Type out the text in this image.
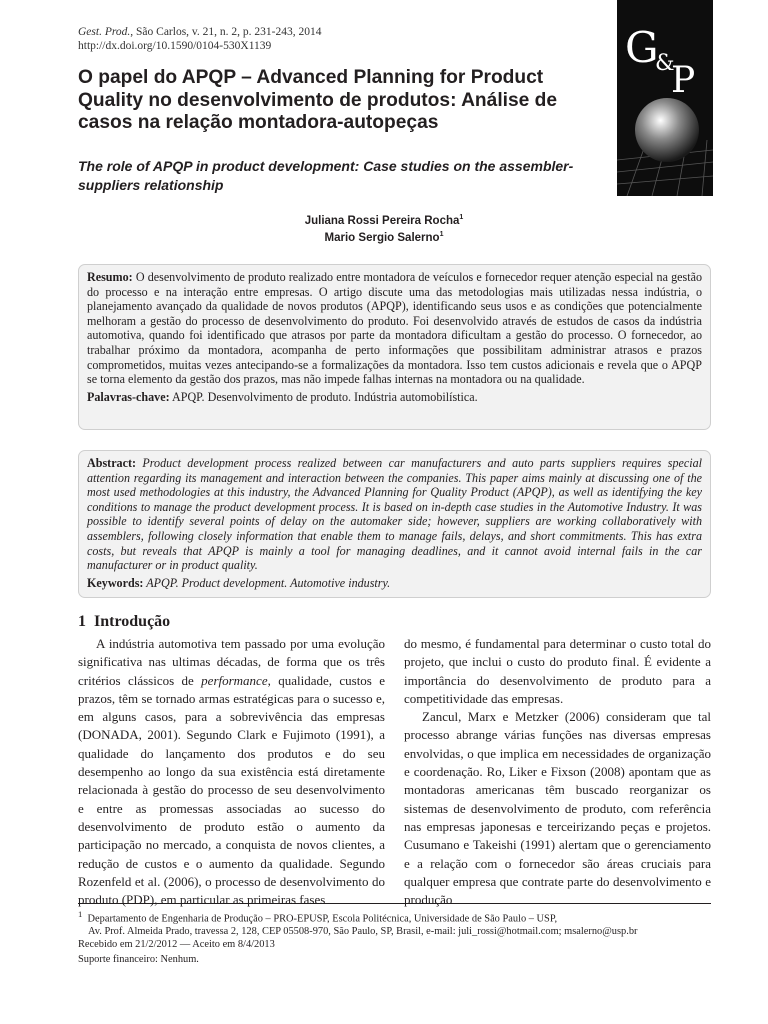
Gest. Prod., São Carlos, v. 21, n. 2, p. 231-243, 2014
http://dx.doi.org/10.1590/0104-530X1139	G
&
P
O papel do APQP – Advanced Planning for Product Quality no desenvolvimento de produtos: Análise de casos na relação montadora-autopeças
The role of APQP in product development: Case studies on the assembler-suppliers relationship
Juliana Rossi Pereira Rocha$^1$
Mario Sergio Salerno$^1$

Resumo: O desenvolvimento de produto realizado entre montadora de veículos e fornecedor requer atenção especial na gestão do processo e na interação entre empresas. O artigo discute uma das metodologias mais utilizadas nessa indústria, o planejamento avançado da qualidade de novos produtos (APQP), identificando seus usos e as condições que potencialmente melhoram a gestão do processo de desenvolvimento do produto. Foi desenvolvido através de estudos de casos da indústria automotiva, quando foi identificado que atrasos por parte da montadora dificultam a gestão do processo. O fornecedor, ao trabalhar próximo da montadora, acompanha de perto informações que possibilitam administrar atrasos e prazos comprometidos, muitas vezes antecipando-se a formalizações da montadora. Isso tem custos adicionais e revela que o APQP se torna elemento da gestão dos prazos, mas não impede falhas internas na montadora ou na qualidade.

Palavras-chave: APQP. Desenvolvimento de produto. Indústria automobilística.

Abstract: Product development process realized between car manufacturers and auto parts suppliers requires special attention regarding its management and interaction between the companies. This paper aims mainly at discussing one of the most used methodologies at this industry, the Advanced Planning for Quality Product (APQP), as well as identifying the key conditions to manage the product development process. It is based on in-depth case studies in the Automotive Industry. It was possible to identify several points of delay on the automaker side; however, suppliers are working collaboratively with assemblers, following closely information that enable them to manage fails, delays, and short commitments. This has extra costs, but reveals that APQP is mainly a tool for managing deadlines, and it cannot avoid internal fails in the car manufacturer or in product quality.

Keywords: APQP. Product development. Automotive industry.

1 Introdução

A indústria automotiva tem passado por uma evolução significativa nas ultimas décadas, de forma que os três critérios clássicos de performance, qualidade, custos e prazos, têm se tornado armas estratégicas para o sucesso e, em alguns casos, para a sobrevivência das empresas (DONADA, 2001). Segundo Clark e Fujimoto (1991), a qualidade do lançamento dos produtos e do seu desempenho ao longo da sua existência está diretamente relacionada à gestão do processo de seu desenvolvimento e entre as promessas associadas ao sucesso do desenvolvimento de produto estão o aumento da participação no mercado, a conquista de novos clientes, a redução de custos e o aumento da qualidade. Segundo Rozenfeld et al. (2006), o processo de desenvolvimento do produto (PDP), em particular as primeiras fases

do mesmo, é fundamental para determinar o custo total do projeto, que inclui o custo do produto final. É evidente a importância do desenvolvimento de produto para a competitividade das empresas.

Zancul, Marx e Metzker (2006) consideram que tal processo abrange várias funções nas diversas empresas envolvidas, o que implica em necessidades de organização e coordenação. Ro, Liker e Fixson (2008) apontam que as montadoras americanas têm buscado reorganizar os sistemas de desenvolvimento de produto, com referência nas empresas japonesas e terceirizando peças e projetos. Cusumano e Takeishi (1991) alertam que o gerenciamento e a relação com o fornecedor são áreas cruciais para qualquer empresa que contrate parte do desenvolvimento e produção

$^1$ Departamento de Engenharia de Produção – PRO-EPUSP, Escola Politécnica, Universidade de São Paulo – USP,
Av. Prof. Almeida Prado, travessa 2, 128, CEP 05508-970, São Paulo, SP, Brasil, e-mail: juli_rossi@hotmail.com; msalerno@usp.br
Recebido em 21/2/2012 — Aceito em 8/4/2013
Suporte financeiro: Nenhum.
